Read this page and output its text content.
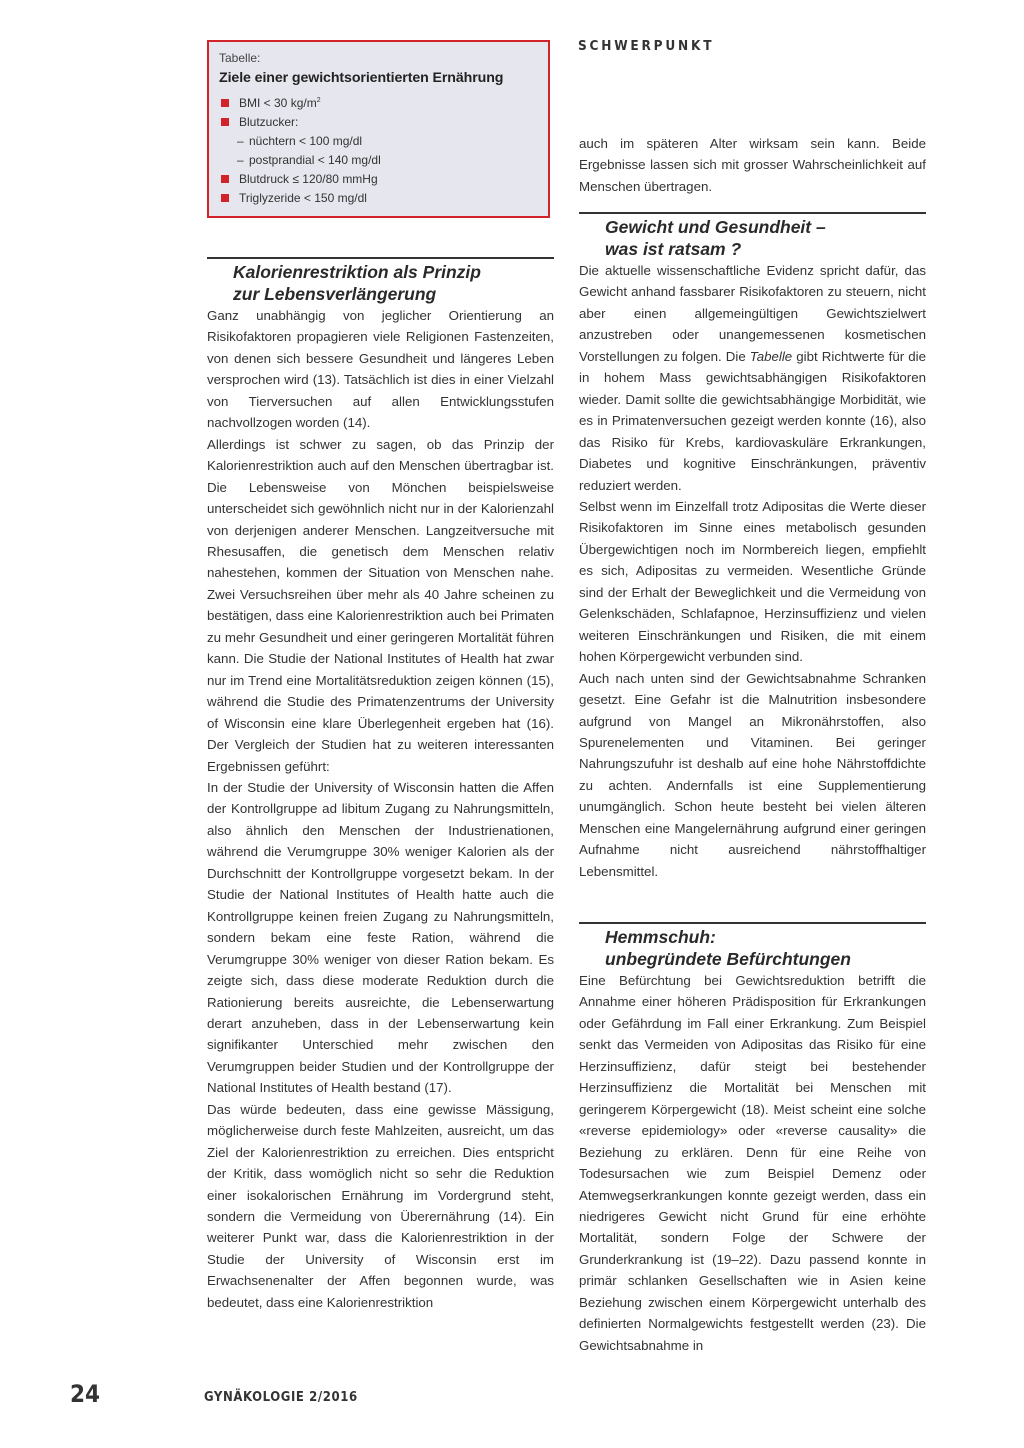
SCHWERPUNKT
Tabelle:
Ziele einer gewichtsorientierten Ernährung
BMI < 30 $kg/m^2$
Blutzucker:
– nüchtern < 100 mg/dl
– postprandial < 140 mg/dl
Blutdruck ≤ 120/80 mmHg
Triglyzeride < 150 mg/dl
Kalorienrestriktion als Prinzip
zur Lebensverlängerung

Ganz unabhängig von jeglicher Orientierung an Risikofaktoren propagieren viele Religionen Fastenzeiten, von denen sich bessere Gesundheit und längeres Leben versprochen wird (13). Tatsächlich ist dies in einer Vielzahl von Tierversuchen auf allen Entwicklungsstufen nachvollzogen worden (14).

Allerdings ist schwer zu sagen, ob das Prinzip der Kalorienrestriktion auch auf den Menschen übertragbar ist. Die Lebensweise von Mönchen beispielsweise unterscheidet sich gewöhnlich nicht nur in der Kalorienzahl von derjenigen anderer Menschen. Langzeitversuche mit Rhesusaffen, die genetisch dem Menschen relativ nahestehen, kommen der Situation von Menschen nahe. Zwei Versuchsreihen über mehr als 40 Jahre scheinen zu bestätigen, dass eine Kalorienrestriktion auch bei Primaten zu mehr Gesundheit und einer geringeren Mortalität führen kann. Die Studie der National Institutes of Health hat zwar nur im Trend eine Mortalitätsreduktion zeigen können (15), während die Studie des Primatenzentrums der University of Wisconsin eine klare Überlegenheit ergeben hat (16). Der Vergleich der Studien hat zu weiteren interessanten Ergebnissen geführt:

In der Studie der University of Wisconsin hatten die Affen der Kontrollgruppe ad libitum Zugang zu Nahrungsmitteln, also ähnlich den Menschen der Industrienationen, während die Verumgruppe 30% weniger Kalorien als der Durchschnitt der Kontrollgruppe vorgesetzt bekam. In der Studie der National Institutes of Health hatte auch die Kontrollgruppe keinen freien Zugang zu Nahrungsmitteln, sondern bekam eine feste Ration, während die Verumgruppe 30% weniger von dieser Ration bekam. Es zeigte sich, dass diese moderate Reduktion durch die Rationierung bereits ausreichte, die Lebenserwartung derart anzuheben, dass in der Lebenserwartung kein signifikanter Unterschied mehr zwischen den Verumgruppen beider Studien und der Kontrollgruppe der National Institutes of Health bestand (17).

Das würde bedeuten, dass eine gewisse Mässigung, möglicherweise durch feste Mahlzeiten, ausreicht, um das Ziel der Kalorienrestriktion zu erreichen. Dies entspricht der Kritik, dass womöglich nicht so sehr die Reduktion einer isokalorischen Ernährung im Vordergrund steht, sondern die Vermeidung von Überernährung (14). Ein weiterer Punkt war, dass die Kalorienrestriktion in der Studie der University of Wisconsin erst im Erwachsenenalter der Affen begonnen wurde, was bedeutet, dass eine Kalorienrestriktion

auch im späteren Alter wirksam sein kann. Beide Ergebnisse lassen sich mit grosser Wahrscheinlichkeit auf Menschen übertragen.

Gewicht und Gesundheit –
was ist ratsam ?

Die aktuelle wissenschaftliche Evidenz spricht dafür, das Gewicht anhand fassbarer Risikofaktoren zu steuern, nicht aber einen allgemeingültigen Gewichtszielwert anzustreben oder unangemessenen kosmetischen Vorstellungen zu folgen. Die Tabelle gibt Richtwerte für die in hohem Mass gewichtsabhängigen Risikofaktoren wieder. Damit sollte die gewichtsabhängige Morbidität, wie es in Primatenversuchen gezeigt werden konnte (16), also das Risiko für Krebs, kardiovaskuläre Erkrankungen, Diabetes und kognitive Einschränkungen, präventiv reduziert werden.

Selbst wenn im Einzelfall trotz Adipositas die Werte dieser Risikofaktoren im Sinne eines metabolisch gesunden Übergewichtigen noch im Normbereich liegen, empfiehlt es sich, Adipositas zu vermeiden. Wesentliche Gründe sind der Erhalt der Beweglichkeit und die Vermeidung von Gelenkschäden, Schlafapnoe, Herzinsuffizienz und vielen weiteren Einschränkungen und Risiken, die mit einem hohen Körpergewicht verbunden sind.

Auch nach unten sind der Gewichtsabnahme Schranken gesetzt. Eine Gefahr ist die Malnutrition insbesondere aufgrund von Mangel an Mikronährstoffen, also Spurenelementen und Vitaminen. Bei geringer Nahrungszufuhr ist deshalb auf eine hohe Nährstoffdichte zu achten. Andernfalls ist eine Supplementierung unumgänglich. Schon heute besteht bei vielen älteren Menschen eine Mangelernährung aufgrund einer geringen Aufnahme nicht ausreichend nährstoffhaltiger Lebensmittel.

Hemmschuh:
unbegründete Befürchtungen

Eine Befürchtung bei Gewichtsreduktion betrifft die Annahme einer höheren Prädisposition für Erkrankungen oder Gefährdung im Fall einer Erkrankung. Zum Beispiel senkt das Vermeiden von Adipositas das Risiko für eine Herzinsuffizienz, dafür steigt bei bestehender Herzinsuffizienz die Mortalität bei Menschen mit geringerem Körpergewicht (18). Meist scheint eine solche «reverse epidemiology» oder «reverse causality» die Beziehung zu erklären. Denn für eine Reihe von Todesursachen wie zum Beispiel Demenz oder Atemwegserkrankungen konnte gezeigt werden, dass ein niedrigeres Gewicht nicht Grund für eine erhöhte Mortalität, sondern Folge der Schwere der Grunderkrankung ist (19–22). Dazu passend konnte in primär schlanken Gesellschaften wie in Asien keine Beziehung zwischen einem Körpergewicht unterhalb des definierten Normalgewichts festgestellt werden (23). Die Gewichtsabnahme in

24	GYNÄKOLOGIE 2/2016
